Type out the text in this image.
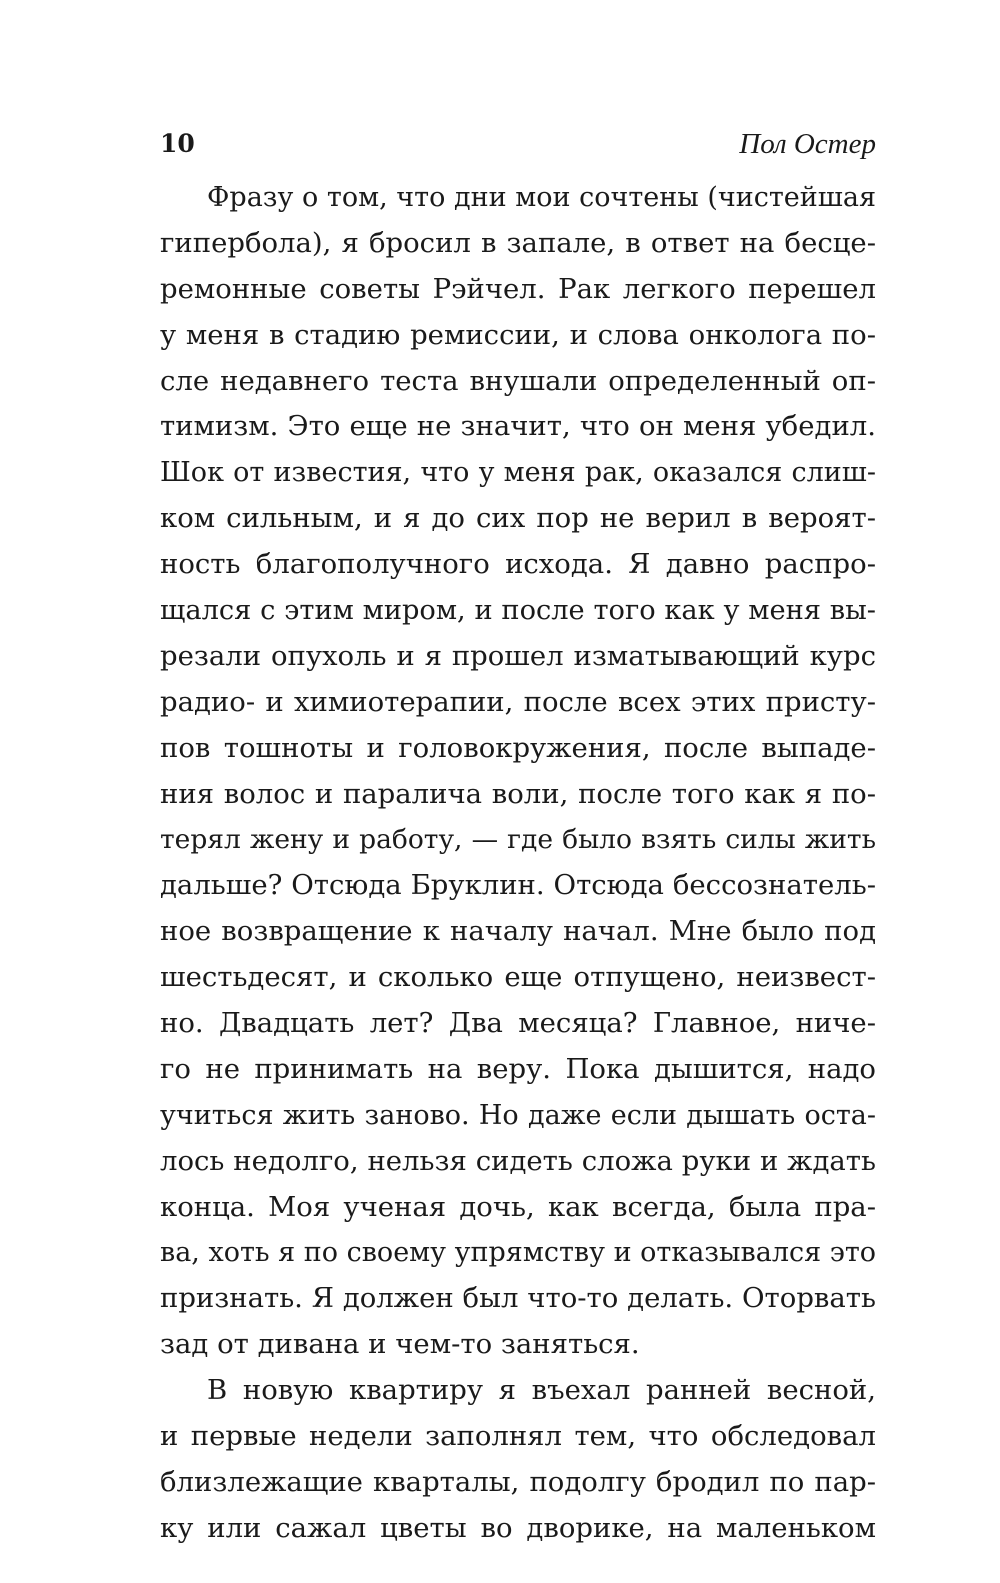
10	Пол Остер
Фразу о том, что дни мои сочтены (чистейшая
гипербола), я бросил в запале, в ответ на бесце-
ремонные советы Рэйчел. Рак легкого перешел
у меня в стадию ремиссии, и слова онколога по-
сле недавнего теста внушали определенный оп-
тимизм. Это еще не значит, что он меня убедил.
Шок от известия, что у меня рак, оказался слиш-
ком сильным, и я до сих пор не верил в вероят-
ность благополучного исхода. Я давно распро-
щался с этим миром, и после того как у меня вы-
резали опухоль и я прошел изматывающий курс
радио- и химиотерапии, после всех этих присту-
пов тошноты и головокружения, после выпаде-
ния волос и паралича воли, после того как я по-
терял жену и работу, — где было взять силы жить
дальше? Отсюда Бруклин. Отсюда бессознатель-
ное возвращение к началу начал. Мне было под
шестьдесят, и сколько еще отпущено, неизвест-
но. Двадцать лет? Два месяца? Главное, ниче-
го не принимать на веру. Пока дышится, надо
учиться жить заново. Но даже если дышать оста-
лось недолго, нельзя сидеть сложа руки и ждать
конца. Моя ученая дочь, как всегда, была пра-
ва, хоть я по своему упрямству и отказывался это
признать. Я должен был что-то делать. Оторвать
зад от дивана и чем-то заняться.
В новую квартиру я въехал ранней весной,
и первые недели заполнял тем, что обследовал
близлежащие кварталы, подолгу бродил по пар-
ку или сажал цветы во дворике, на маленьком
